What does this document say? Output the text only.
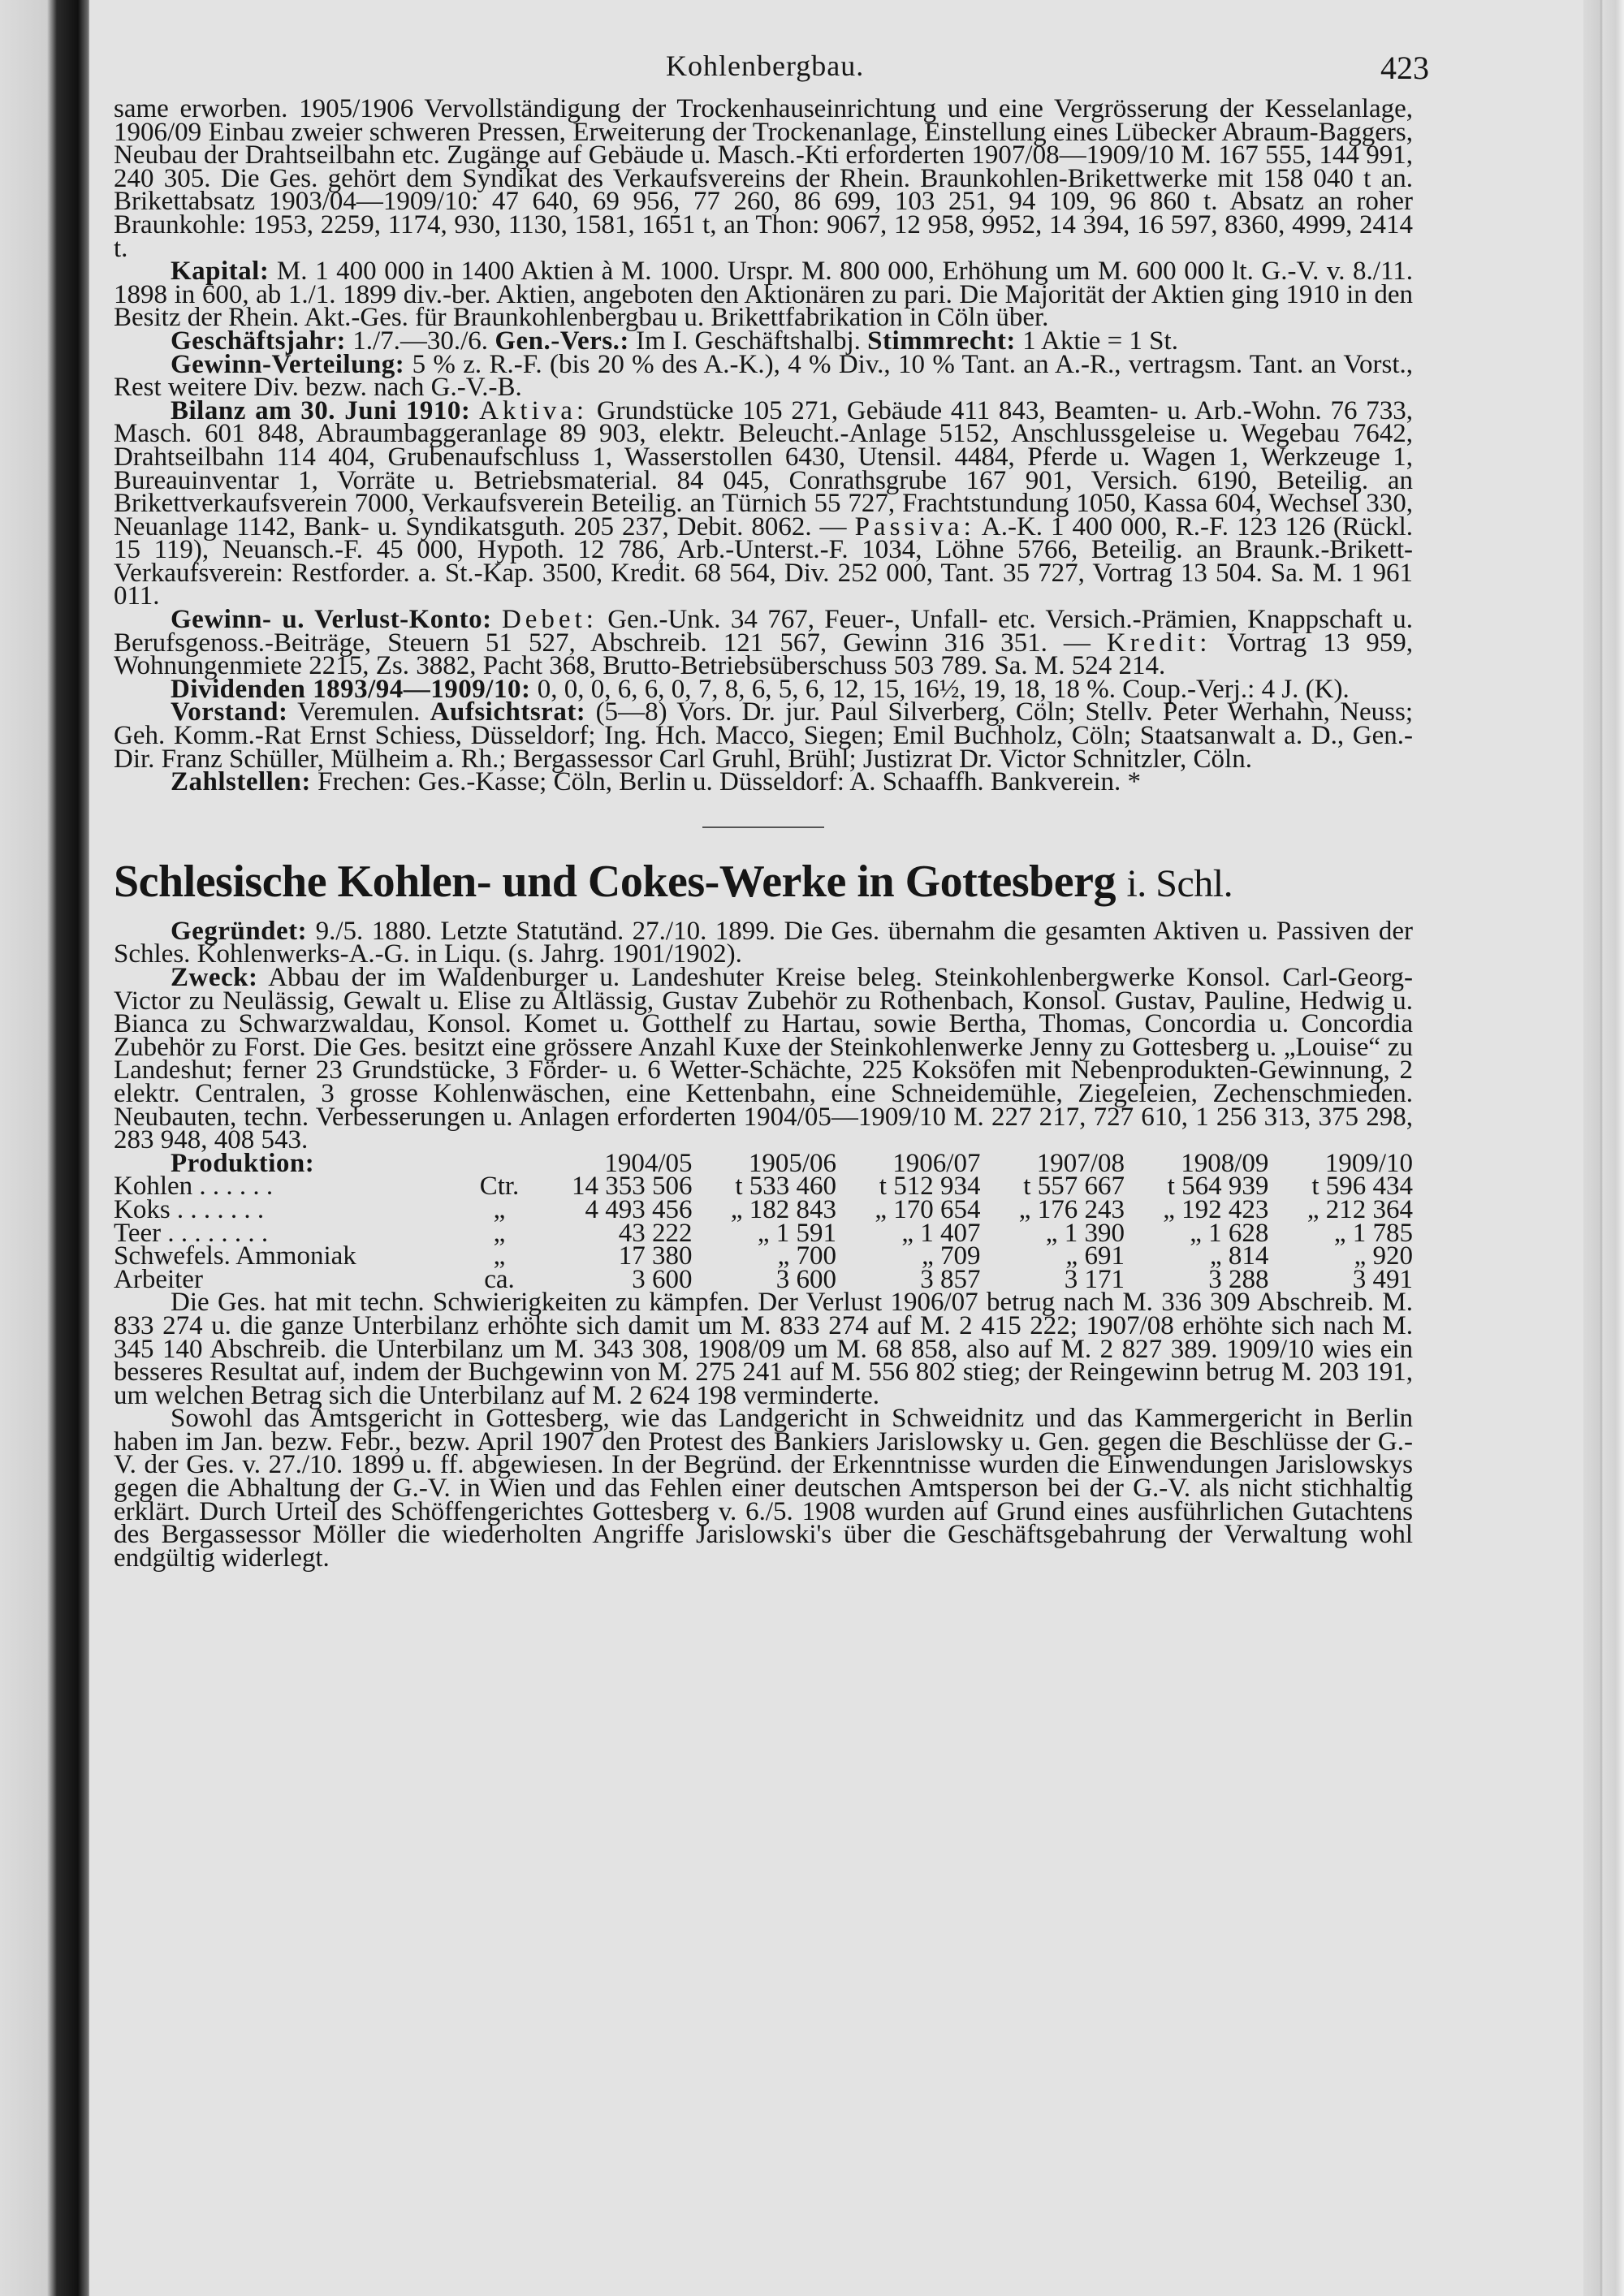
Kohlenbergbau.	423

same erworben. 1905/1906 Vervollständigung der Trockenhauseinrichtung und eine Vergrösserung der Kesselanlage, 1906/09 Einbau zweier schweren Pressen, Erweiterung der Trockenanlage, Einstellung eines Lübecker Abraum-Baggers, Neubau der Drahtseilbahn etc. Zugänge auf Gebäude u. Masch.-Kti erforderten 1907/08—1909/10 M. 167 555, 144 991, 240 305. Die Ges. gehört dem Syndikat des Verkaufsvereins der Rhein. Braunkohlen-Brikettwerke mit 158 040 t an. Brikettabsatz 1903/04—1909/10: 47 640, 69 956, 77 260, 86 699, 103 251, 94 109, 96 860 t. Absatz an roher Braunkohle: 1953, 2259, 1174, 930, 1130, 1581, 1651 t, an Thon: 9067, 12 958, 9952, 14 394, 16 597, 8360, 4999, 2414 t.

Kapital: M. 1 400 000 in 1400 Aktien à M. 1000. Urspr. M. 800 000, Erhöhung um M. 600 000 lt. G.-V. v. 8./11. 1898 in 600, ab 1./1. 1899 div.-ber. Aktien, angeboten den Aktionären zu pari. Die Majorität der Aktien ging 1910 in den Besitz der Rhein. Akt.-Ges. für Braunkohlenbergbau u. Brikettfabrikation in Cöln über.

Geschäftsjahr: 1./7.—30./6. Gen.-Vers.: Im I. Geschäftshalbj. Stimmrecht: 1 Aktie = 1 St.

Gewinn-Verteilung: 5 % z. R.-F. (bis 20 % des A.-K.), 4 % Div., 10 % Tant. an A.-R., vertragsm. Tant. an Vorst., Rest weitere Div. bezw. nach G.-V.-B.

Bilanz am 30. Juni 1910: Aktiva: Grundstücke 105 271, Gebäude 411 843, Beamten- u. Arb.-Wohn. 76 733, Masch. 601 848, Abraumbaggeranlage 89 903, elektr. Beleucht.-Anlage 5152, Anschlussgeleise u. Wegebau 7642, Drahtseilbahn 114 404, Grubenaufschluss 1, Wasserstollen 6430, Utensil. 4484, Pferde u. Wagen 1, Werkzeuge 1, Bureauinventar 1, Vorräte u. Betriebsmaterial. 84 045, Conrathsgrube 167 901, Versich. 6190, Beteilig. an Brikettverkaufsverein 7000, Verkaufsverein Beteilig. an Türnich 55 727, Frachtstundung 1050, Kassa 604, Wechsel 330, Neuanlage 1142, Bank- u. Syndikatsguth. 205 237, Debit. 8062. — Passiva: A.-K. 1 400 000, R.-F. 123 126 (Rückl. 15 119), Neuansch.-F. 45 000, Hypoth. 12 786, Arb.-Unterst.-F. 1034, Löhne 5766, Beteilig. an Braunk.-Brikett-Verkaufsverein: Restforder. a. St.-Kap. 3500, Kredit. 68 564, Div. 252 000, Tant. 35 727, Vortrag 13 504. Sa. M. 1 961 011.

Gewinn- u. Verlust-Konto: Debet: Gen.-Unk. 34 767, Feuer-, Unfall- etc. Versich.-Prämien, Knappschaft u. Berufsgenoss.-Beiträge, Steuern 51 527, Abschreib. 121 567, Gewinn 316 351. — Kredit: Vortrag 13 959, Wohnungenmiete 2215, Zs. 3882, Pacht 368, Brutto-Betriebsüberschuss 503 789. Sa. M. 524 214.

Dividenden 1893/94—1909/10: 0, 0, 0, 6, 6, 0, 7, 8, 6, 5, 6, 12, 15, 16½, 19, 18, 18 %. Coup.-Verj.: 4 J. (K).

Vorstand: Veremulen. Aufsichtsrat: (5—8) Vors. Dr. jur. Paul Silverberg, Cöln; Stellv. Peter Werhahn, Neuss; Geh. Komm.-Rat Ernst Schiess, Düsseldorf; Ing. Hch. Macco, Siegen; Emil Buchholz, Cöln; Staatsanwalt a. D., Gen.-Dir. Franz Schüller, Mülheim a. Rh.; Bergassessor Carl Gruhl, Brühl; Justizrat Dr. Victor Schnitzler, Cöln.

Zahlstellen: Frechen: Ges.-Kasse; Cöln, Berlin u. Düsseldorf: A. Schaaffh. Bankverein. *

Schlesische Kohlen- und Cokes-Werke in Gottesberg i. Schl.

Gegründet: 9./5. 1880. Letzte Statutänd. 27./10. 1899. Die Ges. übernahm die gesamten Aktiven u. Passiven der Schles. Kohlenwerks-A.-G. in Liqu. (s. Jahrg. 1901/1902).

Zweck: Abbau der im Waldenburger u. Landeshuter Kreise beleg. Steinkohlenbergwerke Konsol. Carl-Georg-Victor zu Neulässig, Gewalt u. Elise zu Altlässig, Gustav Zubehör zu Rothenbach, Konsol. Gustav, Pauline, Hedwig u. Bianca zu Schwarzwaldau, Konsol. Komet u. Gotthelf zu Hartau, sowie Bertha, Thomas, Concordia u. Concordia Zubehör zu Forst. Die Ges. besitzt eine grössere Anzahl Kuxe der Steinkohlenwerke Jenny zu Gottesberg u. „Louise“ zu Landeshut; ferner 23 Grundstücke, 3 Förder- u. 6 Wetter-Schächte, 225 Koksöfen mit Nebenprodukten-Gewinnung, 2 elektr. Centralen, 3 grosse Kohlenwäschen, eine Kettenbahn, eine Schneidemühle, Ziegeleien, Zechenschmieden. Neubauten, techn. Verbesserungen u. Anlagen erforderten 1904/05—1909/10 M. 227 217, 727 610, 1 256 313, 375 298, 283 948, 408 543.

Produktion:		1904/05	1905/06	1906/07	1907/08	1908/09	1909/10
Kohlen . . . . . .	Ctr.	14 353 506	t 533 460	t 512 934	t 557 667	t 564 939	t 596 434
Koks . . . . . . .	„	4 493 456	„ 182 843	„ 170 654	„ 176 243	„ 192 423	„ 212 364
Teer . . . . . . . .	„	43 222	„ 1 591	„ 1 407	„ 1 390	„ 1 628	„ 1 785
Schwefels. Ammoniak	„	17 380	„ 700	„ 709	„ 691	„ 814	„ 920
Arbeiter	ca.	3 600	3 600	3 857	3 171	3 288	3 491

Die Ges. hat mit techn. Schwierigkeiten zu kämpfen. Der Verlust 1906/07 betrug nach M. 336 309 Abschreib. M. 833 274 u. die ganze Unterbilanz erhöhte sich damit um M. 833 274 auf M. 2 415 222; 1907/08 erhöhte sich nach M. 345 140 Abschreib. die Unterbilanz um M. 343 308, 1908/09 um M. 68 858, also auf M. 2 827 389. 1909/10 wies ein besseres Resultat auf, indem der Buchgewinn von M. 275 241 auf M. 556 802 stieg; der Reingewinn betrug M. 203 191, um welchen Betrag sich die Unterbilanz auf M. 2 624 198 verminderte.

Sowohl das Amtsgericht in Gottesberg, wie das Landgericht in Schweidnitz und das Kammergericht in Berlin haben im Jan. bezw. Febr., bezw. April 1907 den Protest des Bankiers Jarislowsky u. Gen. gegen die Beschlüsse der G.-V. der Ges. v. 27./10. 1899 u. ff. abgewiesen. In der Begründ. der Erkenntnisse wurden die Einwendungen Jarislowskys gegen die Abhaltung der G.-V. in Wien und das Fehlen einer deutschen Amtsperson bei der G.-V. als nicht stichhaltig erklärt. Durch Urteil des Schöffengerichtes Gottesberg v. 6./5. 1908 wurden auf Grund eines ausführlichen Gutachtens des Bergassessor Möller die wiederholten Angriffe Jarislowski's über die Geschäftsgebahrung der Verwaltung wohl endgültig widerlegt.
